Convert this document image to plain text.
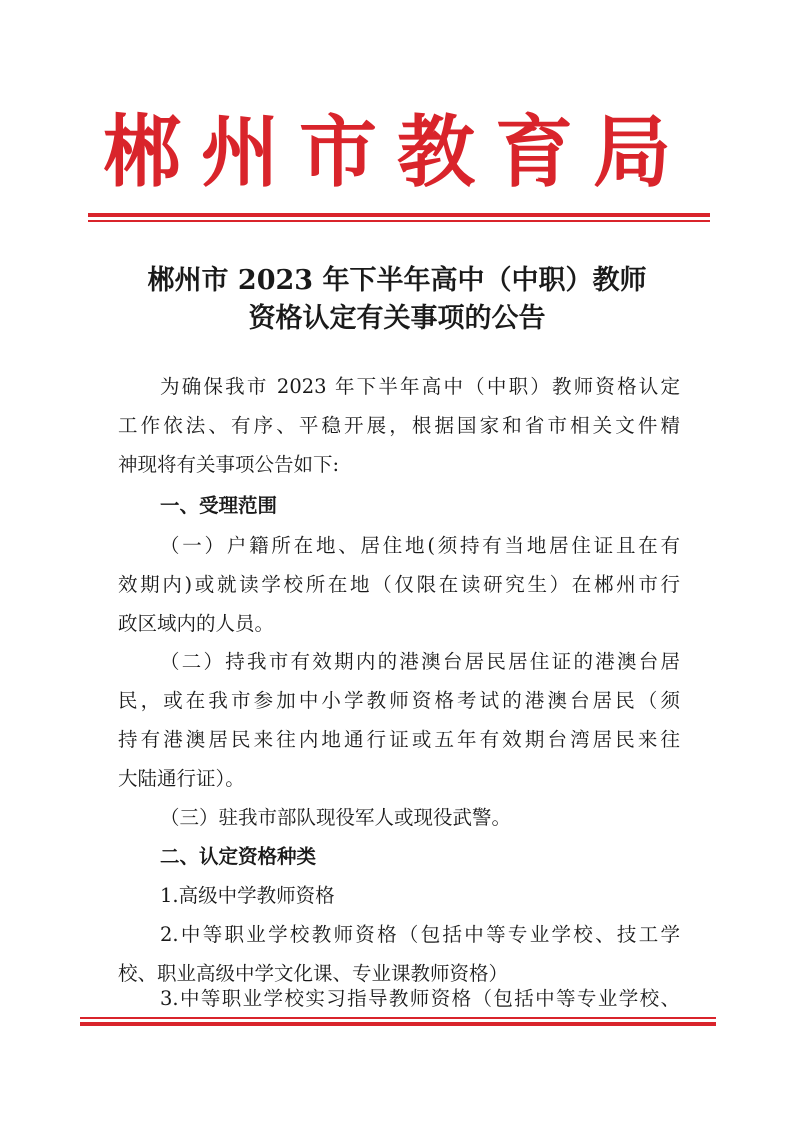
郴州市教育局
郴州市 2023 年下半年高中（中职）教师
资格认定有关事项的公告
为确保我市 2023 年下半年高中（中职）教师资格认定
工作依法、有序、平稳开展，根据国家和省市相关文件精
神现将有关事项公告如下:
一、受理范围
（一）户籍所在地、居住地(须持有当地居住证且在有
效期内)或就读学校所在地（仅限在读研究生）在郴州市行
政区域内的人员。
（二）持我市有效期内的港澳台居民居住证的港澳台居
民，或在我市参加中小学教师资格考试的港澳台居民（须
持有港澳居民来往内地通行证或五年有效期台湾居民来往
大陆通行证）。
（三）驻我市部队现役军人或现役武警。
二、认定资格种类
1.高级中学教师资格
2.中等职业学校教师资格（包括中等专业学校、技工学
校、职业高级中学文化课、专业课教师资格）
3.中等职业学校实习指导教师资格（包括中等专业学校、
